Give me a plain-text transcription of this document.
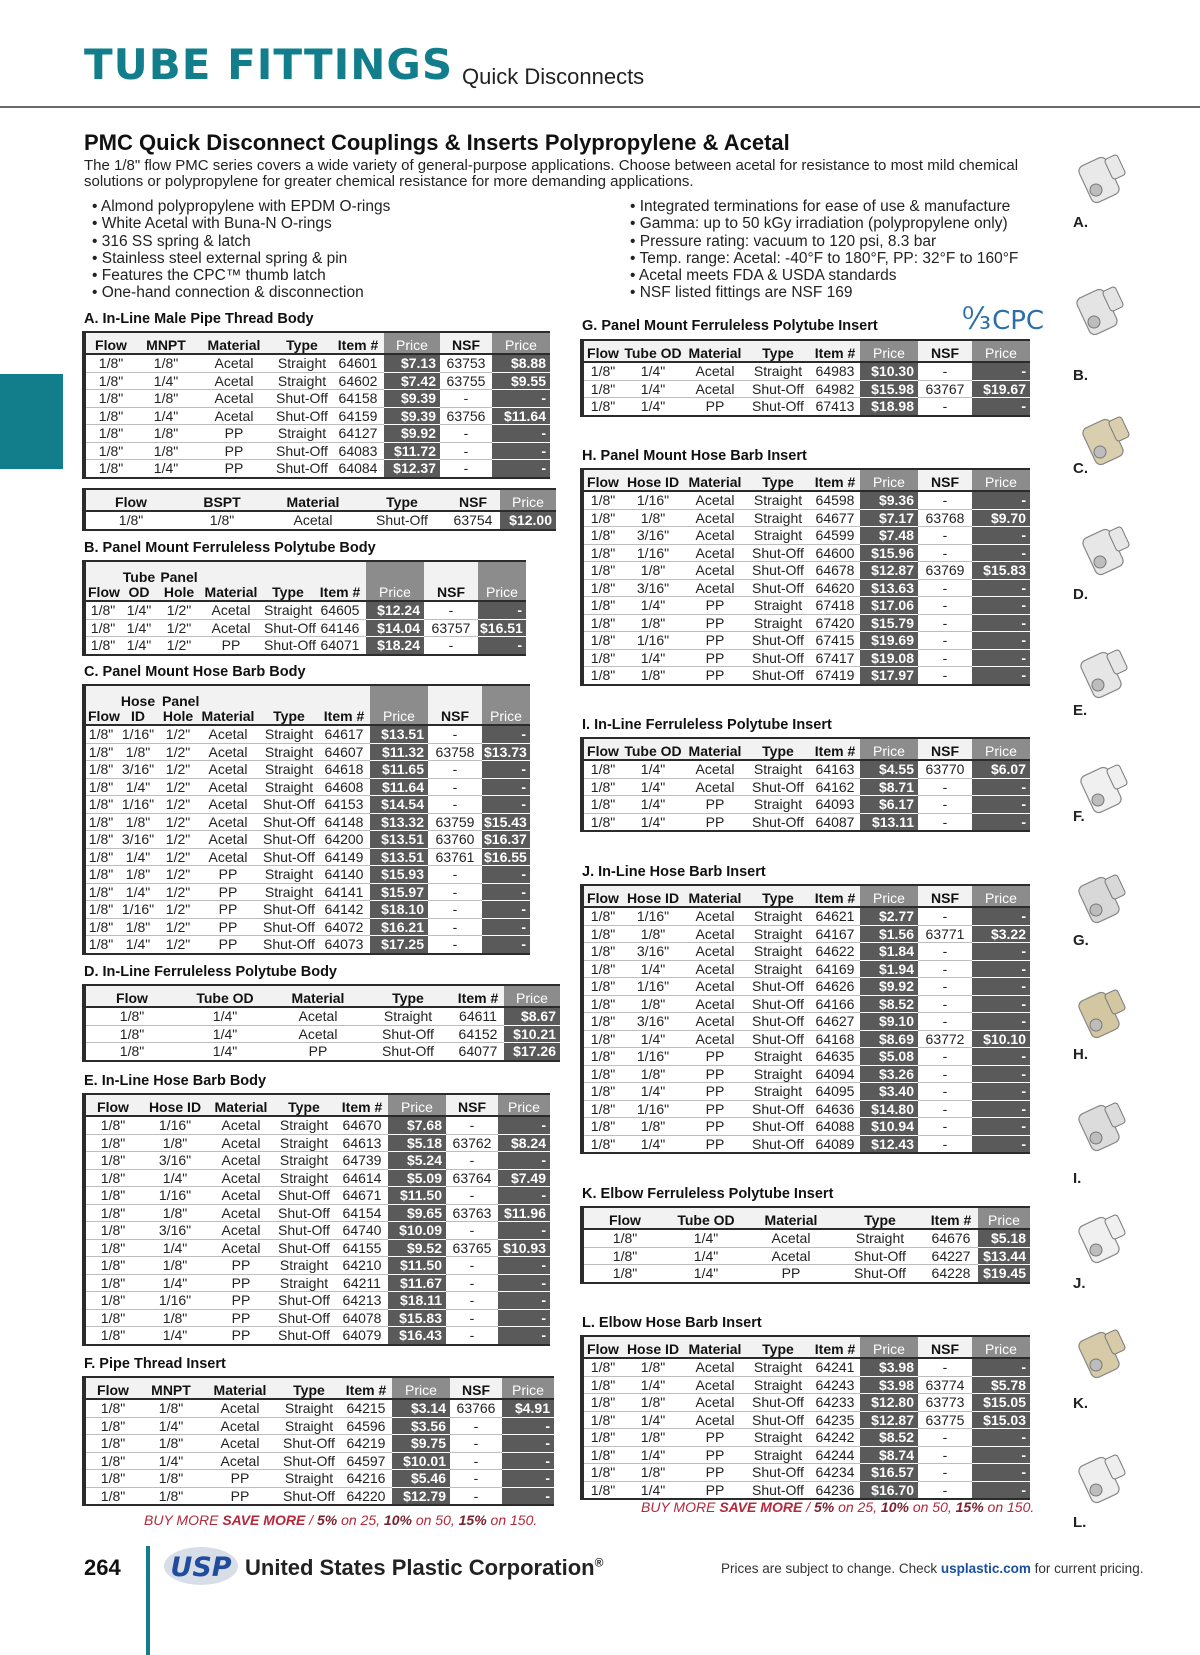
TUBE FITTINGS Quick Disconnects
PMC Quick Disconnect Couplings & Inserts Polypropylene & Acetal
The 1/8" flow PMC series covers a wide variety of general-purpose applications. Choose between acetal for resistance to most mild chemical solutions or polypropylene for greater chemical resistance for more demanding applications.
• Almond polypropylene with EPDM O-rings
• White Acetal with Buna-N O-rings
• 316 SS spring & latch
• Stainless steel external spring & pin
• Features the CPC™ thumb latch
• One-hand connection & disconnection
• Integrated terminations for ease of use & manufacture
• Gamma: up to 50 kGy irradiation (polypropylene only)
• Pressure rating: vacuum to 120 psi, 8.3 bar
• Temp. range: Acetal: -40°F to 180°F, PP: 32°F to 160°F
• Acetal meets FDA & USDA standards
• NSF listed fittings are NSF 169
↉CPC
A. In-Line Male Pipe Thread Body
B. Panel Mount Ferruleless Polytube Body
C. Panel Mount Hose Barb Body
D. In-Line Ferruleless Polytube Body
E. In-Line Hose Barb Body
F. Pipe Thread Insert
G. Panel Mount Ferruleless Polytube Insert
H. Panel Mount Hose Barb Insert
I. In-Line Ferruleless Polytube Insert
J. In-Line Hose Barb Insert
K. Elbow Ferruleless Polytube Insert
L. Elbow Hose Barb Insert
Flow	MNPT	Material	Type	Item #	Price	NSF	Price
1/8"	1/8"	Acetal	Straight	64601	$7.13	63753	$8.88
1/8"	1/4"	Acetal	Straight	64602	$7.42	63755	$9.55
1/8"	1/8"	Acetal	Shut-Off	64158	$9.39	-	-
1/8"	1/4"	Acetal	Shut-Off	64159	$9.39	63756	$11.64
1/8"	1/8"	PP	Straight	64127	$9.92	-	-
1/8"	1/8"	PP	Shut-Off	64083	$11.72	-	-
1/8"	1/4"	PP	Shut-Off	64084	$12.37	-	-
Flow	BSPT	Material	Type	NSF	Price
1/8"	1/8"	Acetal	Shut-Off	63754	$12.00
Flow	Tube OD	Panel Hole	Material	Type	Item #	Price	NSF	Price
1/8"	1/4"	1/2"	Acetal	Straight	64605	$12.24	-	-
1/8"	1/4"	1/2"	Acetal	Shut-Off	64146	$14.04	63757	$16.51
1/8"	1/4"	1/2"	PP	Shut-Off	64071	$18.24	-	-
Flow	Hose ID	Panel Hole	Material	Type	Item #	Price	NSF	Price
1/8"	1/16"	1/2"	Acetal	Straight	64617	$13.51	-	-
1/8"	1/8"	1/2"	Acetal	Straight	64607	$11.32	63758	$13.73
1/8"	3/16"	1/2"	Acetal	Straight	64618	$11.65	-	-
1/8"	1/4"	1/2"	Acetal	Straight	64608	$11.64	-	-
1/8"	1/16"	1/2"	Acetal	Shut-Off	64153	$14.54	-	-
1/8"	1/8"	1/2"	Acetal	Shut-Off	64148	$13.32	63759	$15.43
1/8"	3/16"	1/2"	Acetal	Shut-Off	64200	$13.51	63760	$16.37
1/8"	1/4"	1/2"	Acetal	Shut-Off	64149	$13.51	63761	$16.55
1/8"	1/8"	1/2"	PP	Straight	64140	$15.93	-	-
1/8"	1/4"	1/2"	PP	Straight	64141	$15.97	-	-
1/8"	1/16"	1/2"	PP	Shut-Off	64142	$18.10	-	-
1/8"	1/8"	1/2"	PP	Shut-Off	64072	$16.21	-	-
1/8"	1/4"	1/2"	PP	Shut-Off	64073	$17.25	-	-
Flow	Tube OD	Material	Type	Item #	Price
1/8"	1/4"	Acetal	Straight	64611	$8.67
1/8"	1/4"	Acetal	Shut-Off	64152	$10.21
1/8"	1/4"	PP	Shut-Off	64077	$17.26
Flow	Hose ID	Material	Type	Item #	Price	NSF	Price
1/8"	1/16"	Acetal	Straight	64670	$7.68	-	-
1/8"	1/8"	Acetal	Straight	64613	$5.18	63762	$8.24
1/8"	3/16"	Acetal	Straight	64739	$5.24	-	-
1/8"	1/4"	Acetal	Straight	64614	$5.09	63764	$7.49
1/8"	1/16"	Acetal	Shut-Off	64671	$11.50	-	-
1/8"	1/8"	Acetal	Shut-Off	64154	$9.65	63763	$11.96
1/8"	3/16"	Acetal	Shut-Off	64740	$10.09	-	-
1/8"	1/4"	Acetal	Shut-Off	64155	$9.52	63765	$10.93
1/8"	1/8"	PP	Straight	64210	$11.50	-	-
1/8"	1/4"	PP	Straight	64211	$11.67	-	-
1/8"	1/16"	PP	Shut-Off	64213	$18.11	-	-
1/8"	1/8"	PP	Shut-Off	64078	$15.83	-	-
1/8"	1/4"	PP	Shut-Off	64079	$16.43	-	-
Flow	MNPT	Material	Type	Item #	Price	NSF	Price
1/8"	1/8"	Acetal	Straight	64215	$3.14	63766	$4.91
1/8"	1/4"	Acetal	Straight	64596	$3.56	-	-
1/8"	1/8"	Acetal	Shut-Off	64219	$9.75	-	-
1/8"	1/4"	Acetal	Shut-Off	64597	$10.01	-	-
1/8"	1/8"	PP	Straight	64216	$5.46	-	-
1/8"	1/8"	PP	Shut-Off	64220	$12.79	-	-
Flow	Tube OD	Material	Type	Item #	Price	NSF	Price
1/8"	1/4"	Acetal	Straight	64983	$10.30	-	-
1/8"	1/4"	Acetal	Shut-Off	64982	$15.98	63767	$19.67
1/8"	1/4"	PP	Shut-Off	67413	$18.98	-	-
Flow	Hose ID	Material	Type	Item #	Price	NSF	Price
1/8"	1/16"	Acetal	Straight	64598	$9.36	-	-
1/8"	1/8"	Acetal	Straight	64677	$7.17	63768	$9.70
1/8"	3/16"	Acetal	Straight	64599	$7.48	-	-
1/8"	1/16"	Acetal	Shut-Off	64600	$15.96	-	-
1/8"	1/8"	Acetal	Shut-Off	64678	$12.87	63769	$15.83
1/8"	3/16"	Acetal	Shut-Off	64620	$13.63	-	-
1/8"	1/4"	PP	Straight	67418	$17.06	-	-
1/8"	1/8"	PP	Straight	67420	$15.79	-	-
1/8"	1/16"	PP	Shut-Off	67415	$19.69	-	-
1/8"	1/4"	PP	Shut-Off	67417	$19.08	-	-
1/8"	1/8"	PP	Shut-Off	67419	$17.97	-	-
Flow	Tube OD	Material	Type	Item #	Price	NSF	Price
1/8"	1/4"	Acetal	Straight	64163	$4.55	63770	$6.07
1/8"	1/4"	Acetal	Shut-Off	64162	$8.71	-	-
1/8"	1/4"	PP	Straight	64093	$6.17	-	-
1/8"	1/4"	PP	Shut-Off	64087	$13.11	-	-
Flow	Hose ID	Material	Type	Item #	Price	NSF	Price
1/8"	1/16"	Acetal	Straight	64621	$2.77	-	-
1/8"	1/8"	Acetal	Straight	64167	$1.56	63771	$3.22
1/8"	3/16"	Acetal	Straight	64622	$1.84	-	-
1/8"	1/4"	Acetal	Straight	64169	$1.94	-	-
1/8"	1/16"	Acetal	Shut-Off	64626	$9.92	-	-
1/8"	1/8"	Acetal	Shut-Off	64166	$8.52	-	-
1/8"	3/16"	Acetal	Shut-Off	64627	$9.10	-	-
1/8"	1/4"	Acetal	Shut-Off	64168	$8.69	63772	$10.10
1/8"	1/16"	PP	Straight	64635	$5.08	-	-
1/8"	1/8"	PP	Straight	64094	$3.26	-	-
1/8"	1/4"	PP	Straight	64095	$3.40	-	-
1/8"	1/16"	PP	Shut-Off	64636	$14.80	-	-
1/8"	1/8"	PP	Shut-Off	64088	$10.94	-	-
1/8"	1/4"	PP	Shut-Off	64089	$12.43	-	-
Flow	Tube OD	Material	Type	Item #	Price
1/8"	1/4"	Acetal	Straight	64676	$5.18
1/8"	1/4"	Acetal	Shut-Off	64227	$13.44
1/8"	1/4"	PP	Shut-Off	64228	$19.45
Flow	Hose ID	Material	Type	Item #	Price	NSF	Price
1/8"	1/8"	Acetal	Straight	64241	$3.98	-	-
1/8"	1/4"	Acetal	Straight	64243	$3.98	63774	$5.78
1/8"	1/8"	Acetal	Shut-Off	64233	$12.80	63773	$15.05
1/8"	1/4"	Acetal	Shut-Off	64235	$12.87	63775	$15.03
1/8"	1/8"	PP	Straight	64242	$8.52	-	-
1/8"	1/4"	PP	Straight	64244	$8.74	-	-
1/8"	1/8"	PP	Shut-Off	64234	$16.57	-	-
1/8"	1/4"	PP	Shut-Off	64236	$16.70	-	-
BUY MORE SAVE MORE / 5% on 25, 10% on 50, 15% on 150.
BUY MORE SAVE MORE / 5% on 25, 10% on 50, 15% on 150.
A.
B.
C.
D.
E.
F.
G.
H.
I.
J.
K.
L.
264 USP United States Plastic Corporation®	Prices are subject to change. Check usplastic.com for current pricing.
